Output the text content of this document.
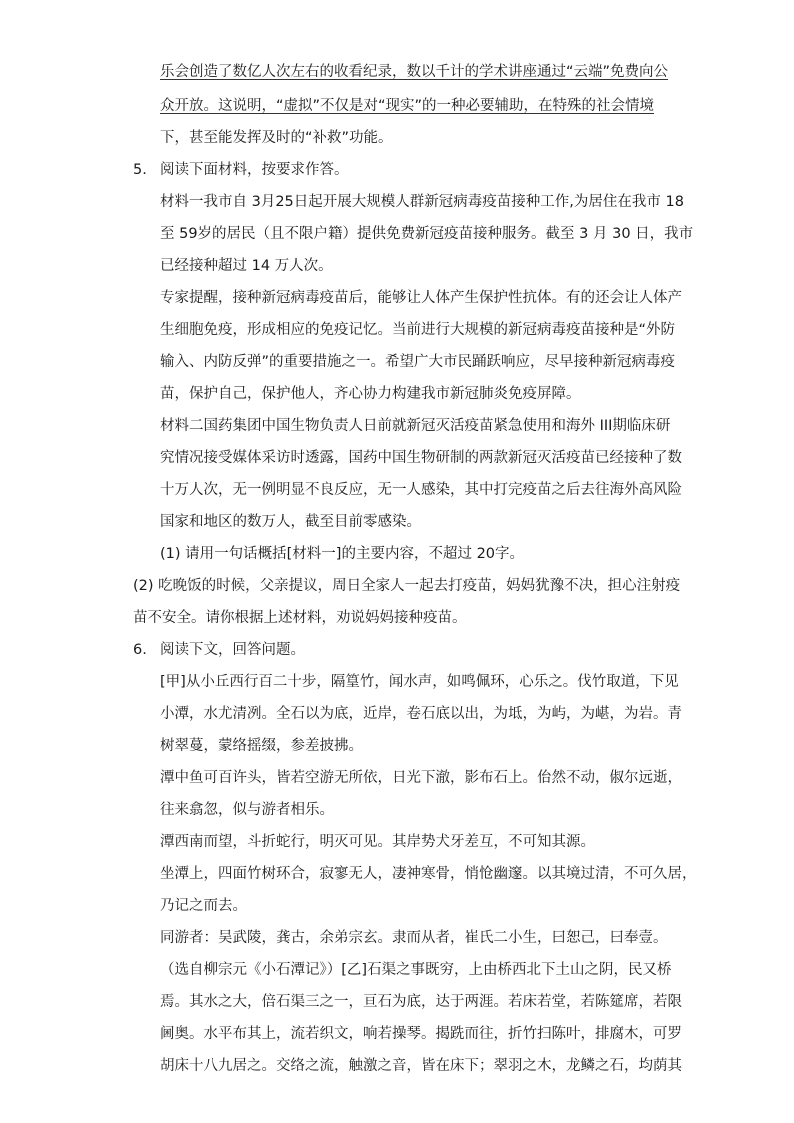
乐会创造了数亿人次左右的收看纪录，数以千计的学术讲座通过“云端”免费向公

众开放。这说明，“虚拟”不仅是对“现实”的一种必要辅助，在特殊的社会情境

下，甚至能发挥及时的“补救”功能。

5. 阅读下面材料，按要求作答。

材料一我市自 3月25日起开展大规模人群新冠病毒疫苗接种工作,为居住在我市 18

至 59岁的居民（且不限户籍）提供免费新冠疫苗接种服务。截至 3 月 30 日，我市

已经接种超过 14 万人次。

专家提醒，接种新冠病毒疫苗后，能够让人体产生保护性抗体。有的还会让人体产

生细胞免疫，形成相应的免疫记忆。当前进行大规模的新冠病毒疫苗接种是“外防

输入、内防反弹”的重要措施之一。希望广大市民踊跃响应，尽早接种新冠病毒疫

苗，保护自己，保护他人，齐心协力构建我市新冠肺炎免疫屏障。

材料二国药集团中国生物负责人日前就新冠灭活疫苗紧急使用和海外 III期临床研

究情况接受媒体采访时透露，国药中国生物研制的两款新冠灭活疫苗已经接种了数

十万人次，无一例明显不良反应，无一人感染，其中打完疫苗之后去往海外高风险

国家和地区的数万人，截至目前零感染。

(1) 请用一句话概括[材料一]的主要内容，不超过 20字。

(2) 吃晚饭的时候，父亲提议，周日全家人一起去打疫苗，妈妈犹豫不决，担心注射疫

苗不安全。请你根据上述材料，劝说妈妈接种疫苗。

6. 阅读下文，回答问题。

[甲]从小丘西行百二十步，隔篁竹，闻水声，如鸣佩环，心乐之。伐竹取道，下见

小潭，水尤清冽。全石以为底，近岸，卷石底以出，为坻，为屿，为嵁，为岩。青

树翠蔓，蒙络摇缀，参差披拂。

潭中鱼可百许头，皆若空游无所依，日光下澈，影布石上。佁然不动，俶尔远逝，

往来翕忽，似与游者相乐。

潭西南而望，斗折蛇行，明灭可见。其岸势犬牙差互，不可知其源。

坐潭上，四面竹树环合，寂寥无人，凄神寒骨，悄怆幽邃。以其境过清，不可久居，

乃记之而去。

同游者：吴武陵，龚古，余弟宗玄。隶而从者，崔氏二小生，曰恕己，曰奉壹。

（选自柳宗元《小石潭记》）[乙]石渠之事既穷，上由桥西北下土山之阴，民又桥

焉。其水之大，倍石渠三之一，亘石为底，达于两涯。若床若堂，若陈筵席，若限

阃奥。水平布其上，流若织文，响若操琴。揭跣而往，折竹扫陈叶，排腐木，可罗

胡床十八九居之。交络之流，触激之音，皆在床下；翠羽之木，龙鳞之石，均荫其
